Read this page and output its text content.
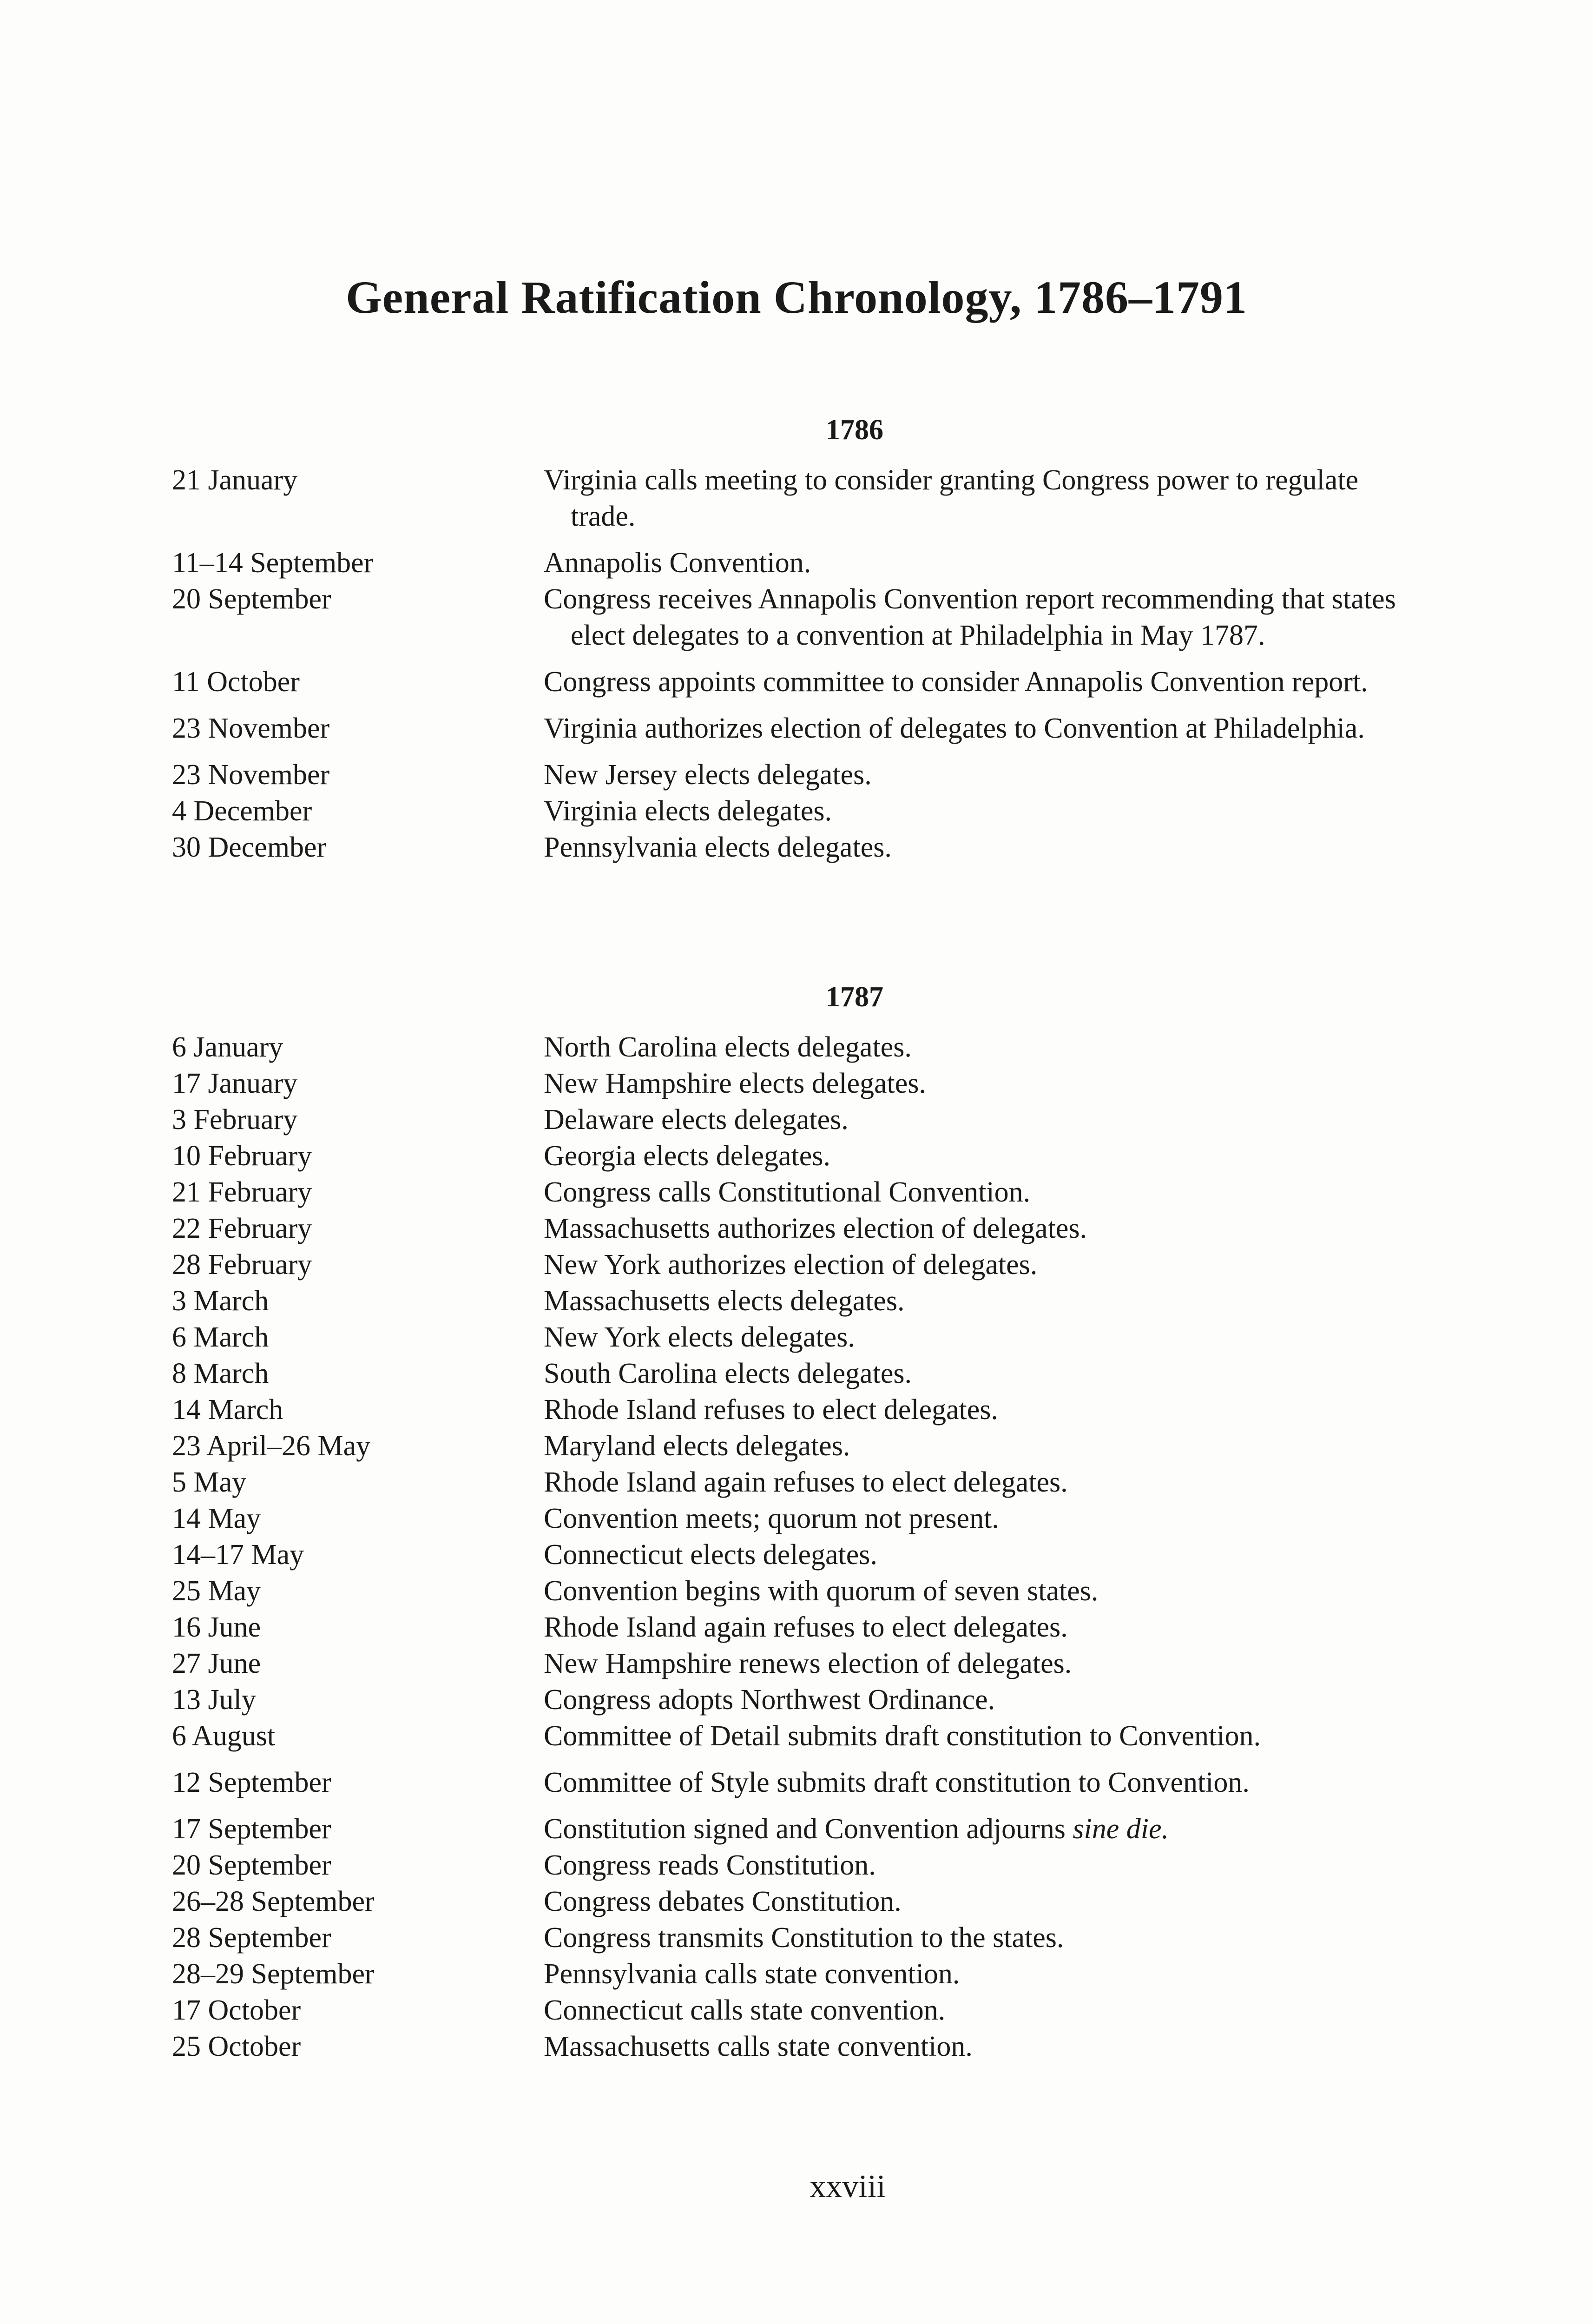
General Ratification Chronology, 1786–1791
1786
21 January	Virginia calls meeting to consider granting Congress power to regulate trade.
11–14 September	Annapolis Convention.
20 September	Congress receives Annapolis Convention report recommending that states elect delegates to a convention at Philadelphia in May 1787.
11 October	Congress appoints committee to consider Annapolis Convention report.
23 November	Virginia authorizes election of delegates to Convention at Philadelphia.
23 November	New Jersey elects delegates.
4 December	Virginia elects delegates.
30 December	Pennsylvania elects delegates.
1787
6 January	North Carolina elects delegates.
17 January	New Hampshire elects delegates.
3 February	Delaware elects delegates.
10 February	Georgia elects delegates.
21 February	Congress calls Constitutional Convention.
22 February	Massachusetts authorizes election of delegates.
28 February	New York authorizes election of delegates.
3 March	Massachusetts elects delegates.
6 March	New York elects delegates.
8 March	South Carolina elects delegates.
14 March	Rhode Island refuses to elect delegates.
23 April–26 May	Maryland elects delegates.
5 May	Rhode Island again refuses to elect delegates.
14 May	Convention meets; quorum not present.
14–17 May	Connecticut elects delegates.
25 May	Convention begins with quorum of seven states.
16 June	Rhode Island again refuses to elect delegates.
27 June	New Hampshire renews election of delegates.
13 July	Congress adopts Northwest Ordinance.
6 August	Committee of Detail submits draft constitution to Convention.
12 September	Committee of Style submits draft constitution to Convention.
17 September	Constitution signed and Convention adjourns sine die.
20 September	Congress reads Constitution.
26–28 September	Congress debates Constitution.
28 September	Congress transmits Constitution to the states.
28–29 September	Pennsylvania calls state convention.
17 October	Connecticut calls state convention.
25 October	Massachusetts calls state convention.
xxviii
